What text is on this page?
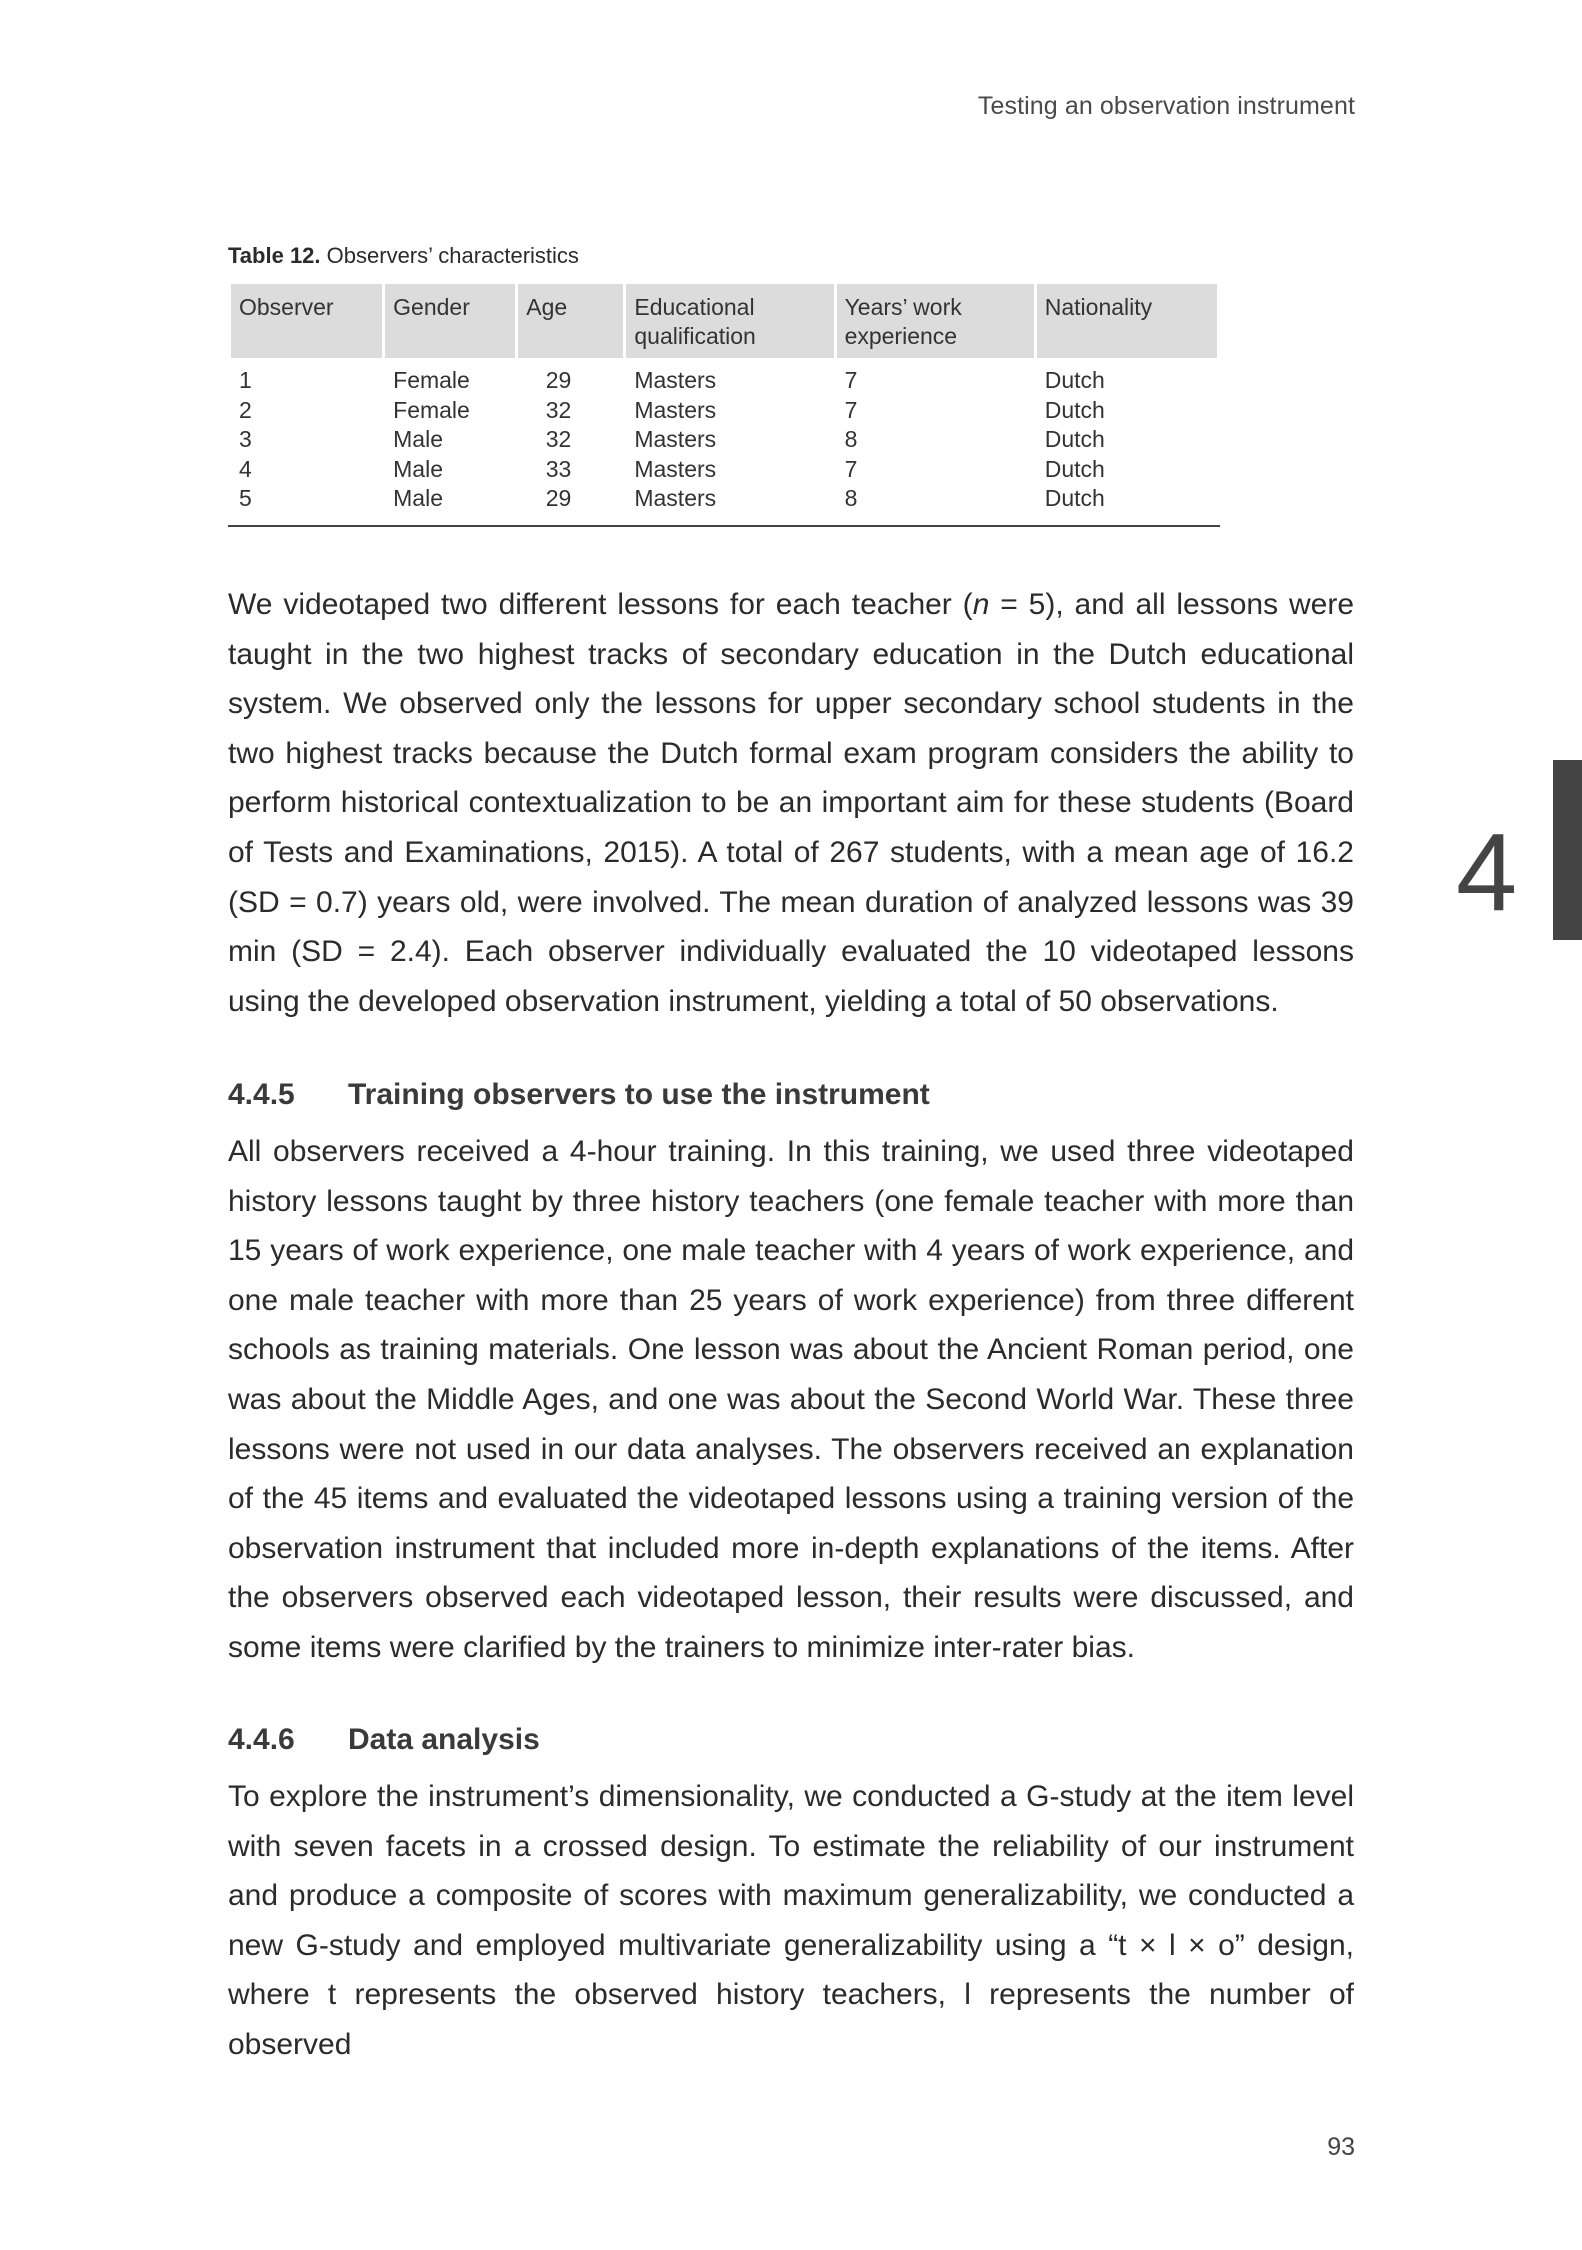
Testing an observation instrument
Table 12. Observers’ characteristics
Observer	Gender	Age	Educational qualification	Years’ work experience	Nationality
1	Female	29	Masters	7	Dutch
2	Female	32	Masters	7	Dutch
3	Male	32	Masters	8	Dutch
4	Male	33	Masters	7	Dutch
5	Male	29	Masters	8	Dutch

We videotaped two different lessons for each teacher (n = 5), and all lessons were taught in the two highest tracks of secondary education in the Dutch educational system. We observed only the lessons for upper secondary school students in the two highest tracks because the Dutch formal exam program considers the ability to perform historical contextualization to be an important aim for these students (Board of Tests and Examinations, 2015). A total of 267 students, with a mean age of 16.2 (SD = 0.7) years old, were involved. The mean duration of analyzed lessons was 39 min (SD = 2.4). Each observer individually evaluated the 10 videotaped lessons using the developed observation instrument, yielding a total of 50 observations.

4.4.5 Training observers to use the instrument

All observers received a 4-hour training. In this training, we used three videotaped history lessons taught by three history teachers (one female teacher with more than 15 years of work experience, one male teacher with 4 years of work experience, and one male teacher with more than 25 years of work experience) from three different schools as training materials. One lesson was about the Ancient Roman period, one was about the Middle Ages, and one was about the Second World War. These three lessons were not used in our data analyses. The observers received an explanation of the 45 items and evaluated the videotaped lessons using a training version of the observation instrument that included more in-depth explanations of the items. After the observers observed each videotaped lesson, their results were discussed, and some items were clarified by the trainers to minimize inter-rater bias.

4.4.6 Data analysis

To explore the instrument’s dimensionality, we conducted a G-study at the item level with seven facets in a crossed design. To estimate the reliability of our instrument and produce a composite of scores with maximum generalizability, we conducted a new G-study and employed multivariate generalizability using a “t × l × o” design, where t represents the observed history teachers, l represents the number of observed

4
93
